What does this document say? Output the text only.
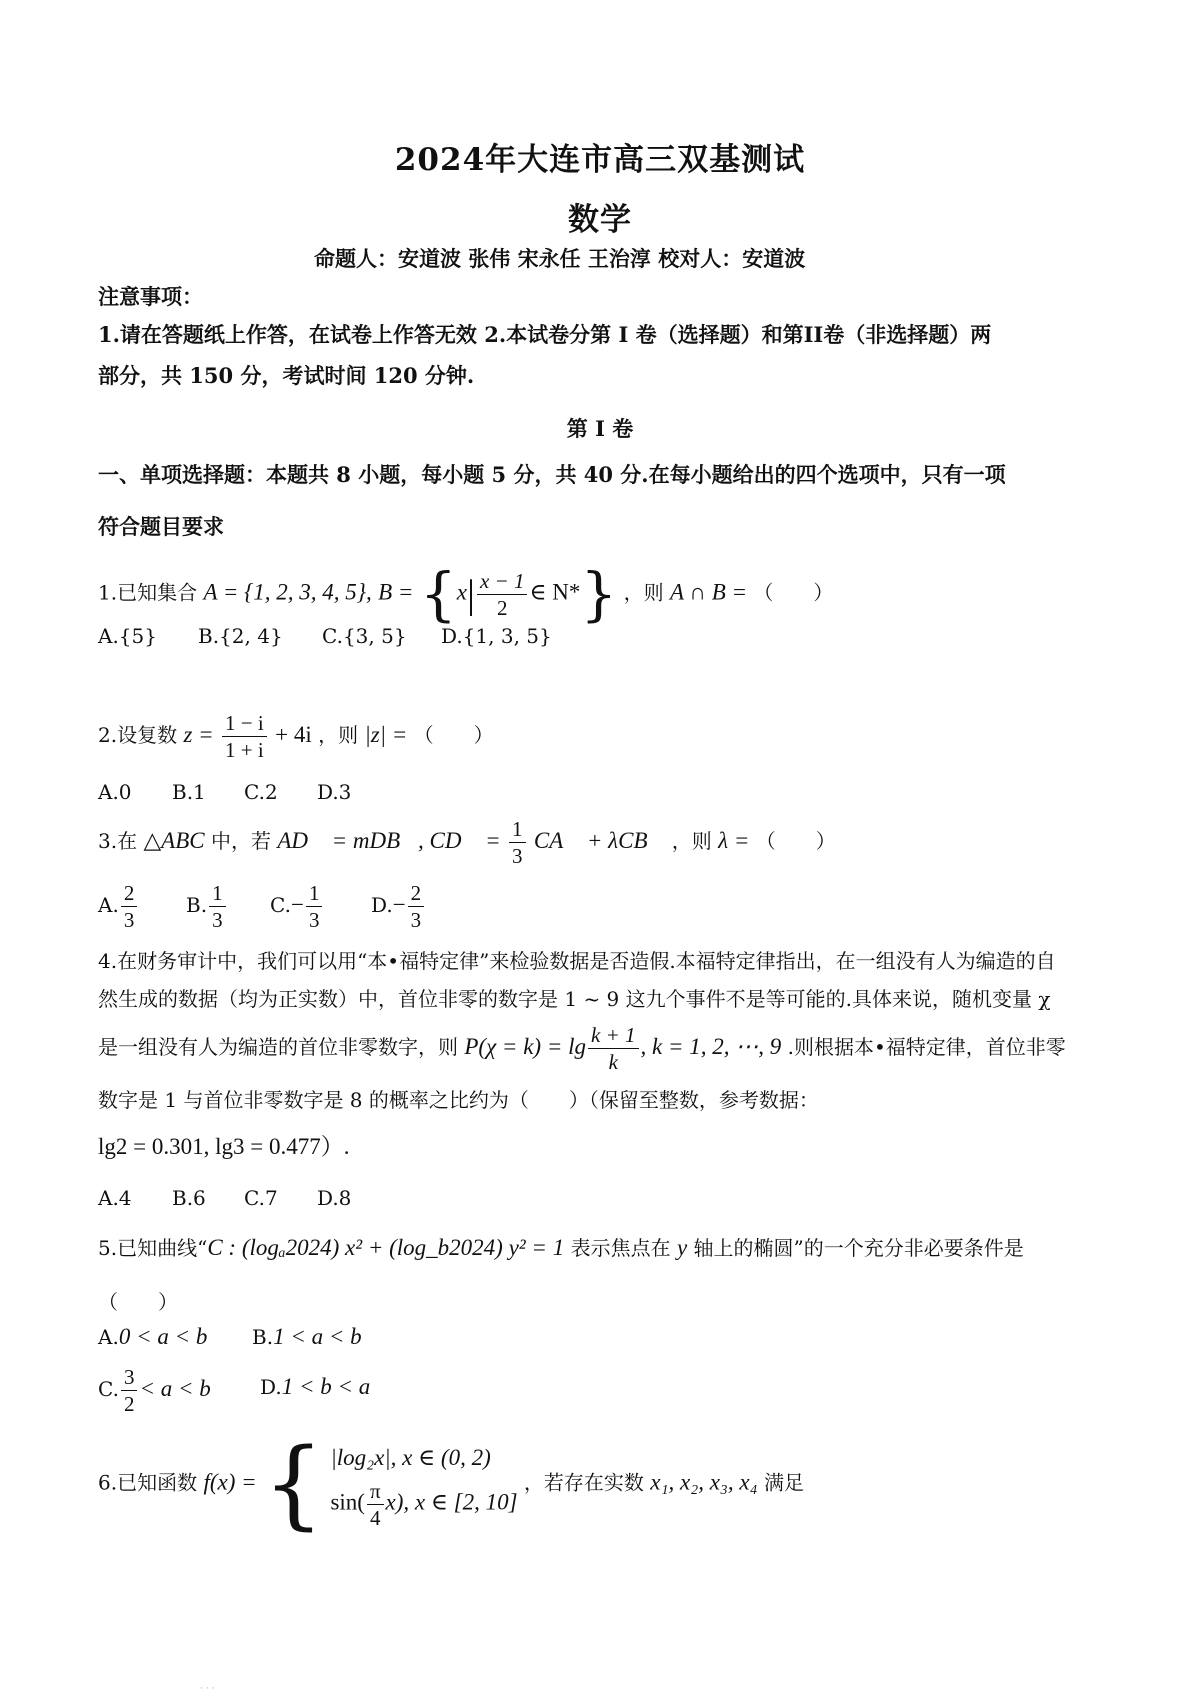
2024年大连市高三双基测试
数学
命题人：安道波 张伟 宋永任 王治淳 校对人：安道波
注意事项：
1.请在答题纸上作答，在试卷上作答无效 2.本试卷分第 I 卷（选择题）和第II卷（非选择题）两
部分，共 150 分，考试时间 120 分钟.
第 I 卷
一、单项选择题：本题共 8 小题，每小题 5 分，共 40 分.在每小题给出的四个选项中，只有一项
符合题目要求
1.已知集合 A = {1, 2, 3, 4, 5}, $B = \{x| \frac{x - 1}{2}$ ∈ N*} ，则 A ∩ B = （　　）
A.{5} B.{2, 4} C.{3, 5} D.{1, 3, 5}
2.设复数 $z = \frac{1 - i}{1 + i} + 4i$ ，则 |z| = （　　）
A.0 B.1 C.2 D.3
3.在 △ABC 中，若 AD⃗ = mDB⃗, CD⃗ = $\frac{1}{3}$ CA⃗ + λCB⃗ ，则 λ = （　　）
A. $\frac{2}{3} B$. $\frac{1}{3} C.- \frac{1}{3} D.- \frac{2}{3}$
4.在财务审计中，我们可以用“本•福特定律”来检验数据是否造假.本福特定律指出，在一组没有人为编造的自
然生成的数据（均为正实数）中，首位非零的数字是 1 ~ 9 这九个事件不是等可能的.具体来说，随机变量 χ
是一组没有人为编造的首位非零数字，则 $P(\chi = k) = \lg \frac{k + 1}{k}$ , k = 1, 2, ⋯, 9 .则根据本•福特定律，首位非零
数字是 1 与首位非零数字是 8 的概率之比约为（　　）（保留至整数，参考数据：
lg2 = 0.301, lg3 = 0.477）.
A.4 B.6 C.7 D.8
5.已知曲线“C : (logₐ2024) x² + (log_b2024) y² = 1 表示焦点在 y 轴上的椭圆”的一个充分非必要条件是
（　　）
A.0 < a < b B.1 < a < b
C. $\frac{3}{2} < a < b$ D.1 < b < a
6.已知函数 f(x) = { |log₂x|, x ∈ (0, 2)
$\sin( \frac{\pi}{4} x)$, x ∈ [2, 10]
，若存在实数 x₁, x₂, x₃, x₄ 满足
· · ·
